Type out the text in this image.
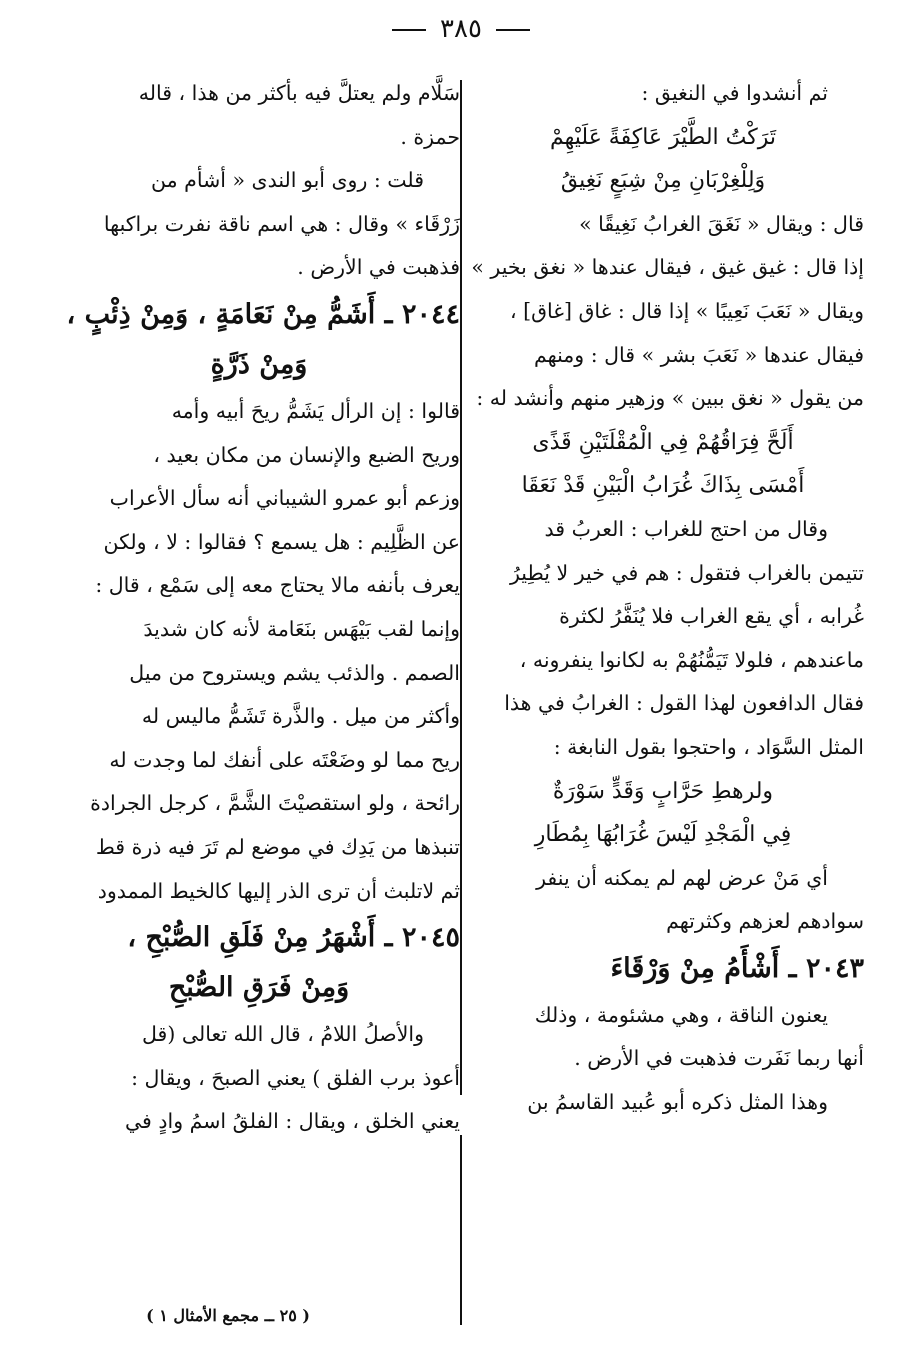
٣٨٥

ثم أنشدوا في النغيق :

تَرَكْتُ الطَّيْرَ عَاكِفَةً عَلَيْهِمْ

وَلِلْغِرْبَانِ مِنْ شِبَعٍ نَغِيقُ

قال : ويقال « نَغَقَ الغرابُ نَغِيقًا »

إذا قال : غيق غيق ، فيقال عندها « نغق بخير »

ويقال « نَعَبَ نَعِيبًا » إذا قال : غاق [غاق] ،

فيقال عندها « نَعَبَ بشر » قال : ومنهم

من يقول « نغق ببين » وزهير منهم وأنشد له :

أَلَحَّ فِرَاقُهُمْ فِي الْمُقْلَتَيْنِ قَذًى

أَمْسَى بِذَاكَ غُرَابُ الْبَيْنِ قَدْ نَعَقَا

وقال من احتج للغراب : العربُ قد

تتيمن بالغراب فتقول : هم في خير لا يُطِيرُ

غُرابه ، أي يقع الغراب فلا يُنَفَّرُ لكثرة

ماعندهم ، فلولا تَيَمُّنُهُمْ به لكانوا ينفرونه ،

فقال الدافعون لهذا القول : الغرابُ في هذا

المثل السَّوَاد ، واحتجوا بقول النابغة :

ولرهطِ حَرَّابٍ وَقَدٍّ سَوْرَةٌ

فِي الْمَجْدِ لَيْسَ غُرَابُهَا بِمُطَارِ

أي مَنْ عرض لهم لم يمكنه أن ينفر

سوادهم لعزهم وكثرتهم

٢٠٤٣ ـ أَشْأَمُ مِنْ وَرْقَاءَ

يعنون الناقة ، وهي مشئومة ، وذلك

أنها ربما نَفَرت فذهبت في الأرض .

وهذا المثل ذكره أبو عُبيد القاسمُ بن

سَلَّام ولم يعتلَّ فيه بأكثر من هذا ، قاله

حمزة .

قلت : روى أبو الندى « أشأم من

زَرْقَاء » وقال : هي اسم ناقة نفرت براكبها

فذهبت في الأرض .

٢٠٤٤ ـ أَشَمُّ مِنْ نَعَامَةٍ ، وَمِنْ ذِئْبٍ ،

وَمِنْ ذَرَّةٍ

قالوا : إن الرأل يَشَمُّ ريحَ أبيه وأمه

وريح الضبع والإنسان من مكان بعيد ،

وزعم أبو عمرو الشيباني أنه سأل الأعراب

عن الظَّلِيم : هل يسمع ؟ فقالوا : لا ، ولكن

يعرف بأنفه مالا يحتاج معه إلى سَمْع ، قال :

وإنما لقب بَيْهَس بنَعَامة لأنه كان شديدَ

الصمم . والذئب يشم ويستروح من ميل

وأكثر من ميل . والذَّرة تَشَمُّ ماليس له

ريح مما لو وضَعْتَه على أنفك لما وجدت له

رائحة ، ولو استقصيْتَ الشَّمَّ ، كرجل الجرادة

تنبذها من يَدِك في موضع لم تَرَ فيه ذرة قط

ثم لاتلبث أن ترى الذر إليها كالخيط الممدود

٢٠٤٥ ـ أَشْهَرُ مِنْ فَلَقِ الصُّبْحِ ،

وَمِنْ فَرَقِ الصُّبْحِ

والأصلُ اللامُ ، قال الله تعالى (قل

أعوذ برب الفلق ) يعني الصبحَ ، ويقال :

يعني الخلق ، ويقال : الفلقُ اسمُ وادٍ في

( ٢٥ ــ مجمع الأمثال ١ )
